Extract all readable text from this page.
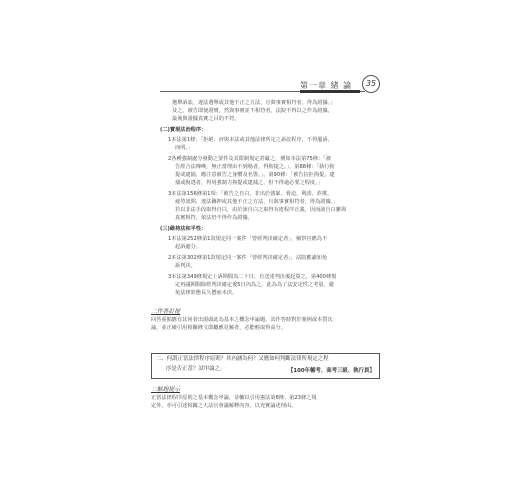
第一章 緒 論	35
選舉訴訟，違法選舉或其他不正之方法，且與事實相符者，得為證據。」
及之，被告即使證實，然與事實並不相符者，法院不得以之作為證據，
最後與證據真實之目的不符。
(二)實現法治程序：
1本法第1條：「拒絕、評與本法或其他法律所定之訴訟程序，不得濫訴，
而明。」
2各種強制處分發動之要件及其限制規定甚嚴之，例如本法第75條：「被
告經合法傳喚，無正當理由不到場者，得拘提之。」、第88條：「執行拘
提或逮捕，應注意被告之身體及名譽。」、第90條：「被告抗拒拘提、逮
捕或脫逃者，得用強制力拘提或逮捕之，但不得逾必要之程度。」
3本法第156條第1項：「被告之自白，非出於強暴、脅迫、利誘、詐欺、
疲勞訊問、違法羈押或其他不正之方法，且與事實相符者，得為證據。」
若以非法手段取得自白，由於該自白之取得有違程序正義，因而該自白雖與
真實相符，依法仍不得作為證據。
(三)維持法和平性：
1本法第252條第1款規定同一案件「曾經判決確定者」，檢察官應為不
起訴處分。
2本法第302條第1款規定同一案件「曾經判決確定者」，法院應諭知免
訴判決。
3本法第349條規定上訴期間為二十日，自送達判決後起算之，第400條規
定再議期間除經判決確定後5日內為之，此為為了法安定性之考量，避
免法律狀態長久懸而未決。
二作答訂提
回答重點應有其何者出現頭此為基本之概念申論題，其作答時對於案例或本質次
論，並正確引用相關條文即屬應見解者，必能輕取得高分。
二、何謂正當法律程序原則？其內涵為何？又應如何判斷法律所規定之程
序是否正當？試申論之。	【100年輔考、高考三級、執行員】
二解題提示
正當法律程序原則之基本概念申論，並輔以引用憲法第8條、第23條之規
定外，亦可引述相關之大法官會議解釋內容，以充實論述理由。
